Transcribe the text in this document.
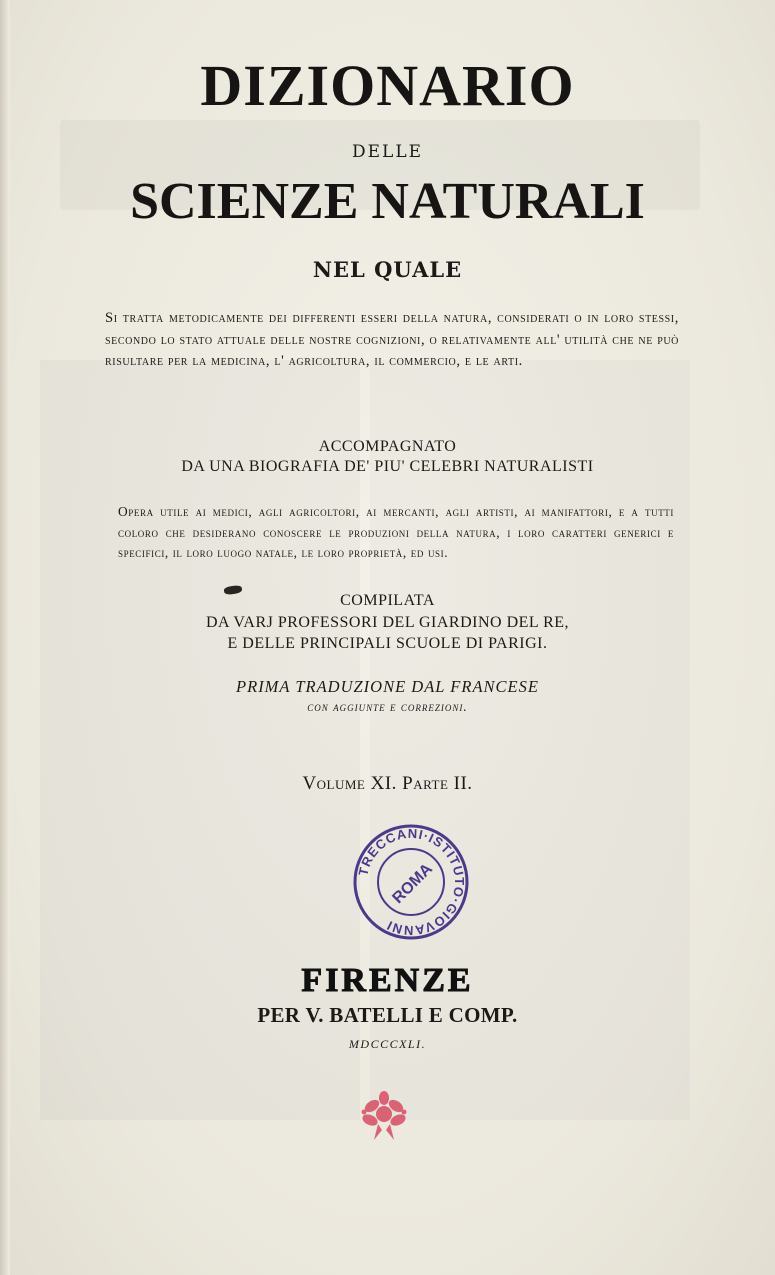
DIZIONARIO
DELLE
SCIENZE NATURALI
NEL QUALE
Si tratta metodicamente dei differenti esseri della natura, considerati o in loro stessi, secondo lo stato attuale delle nostre cognizioni, o relativamente all' utilità che ne può risultare per la medicina, l' agricoltura, il commercio, e le arti.
ACCOMPAGNATO
DA UNA BIOGRAFIA DE' PIU' CELEBRI NATURALISTI
Opera utile ai medici, agli agricoltori, ai mercanti, agli artisti, ai manifattori, e a tutti coloro che desiderano conoscere le produzioni della natura, i loro caratteri generici e specifici, il loro luogo natale, le loro proprietà, ed usi.
COMPILATA
DA VARJ PROFESSORI DEL GIARDINO DEL RE,
E DELLE PRINCIPALI SCUOLE DI PARIGI.
PRIMA TRADUZIONE DAL FRANCESE
con aggiunte e correzioni.
Volume XI. Parte II.
TRECCANI·ISTITUTO·GIOVANNI
ROMA
FIRENZE
PER V. BATELLI E COMP.
MDCCCXLI.
